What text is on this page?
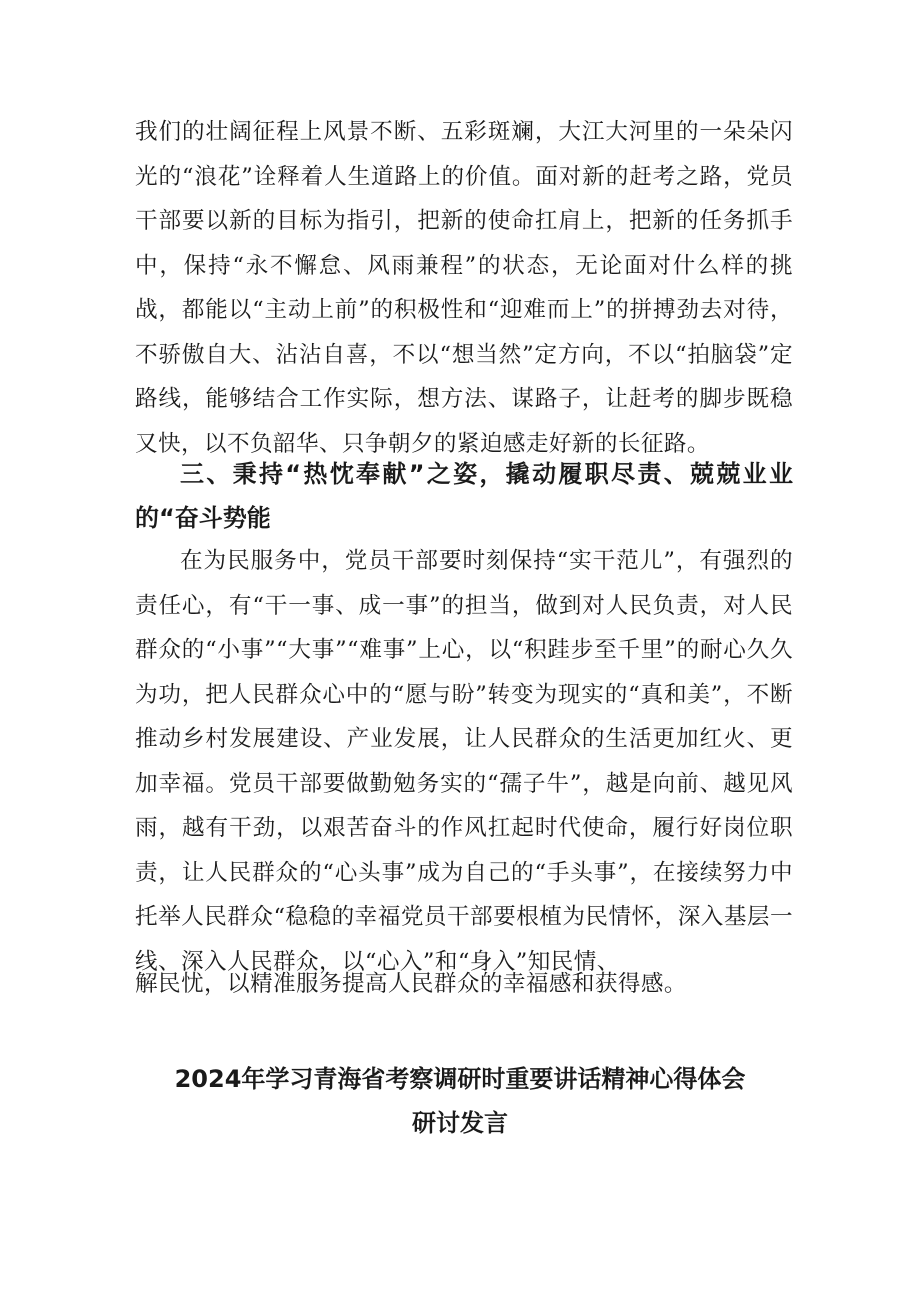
我们的壮阔征程上风景不断、五彩斑斓，大江大河里的一朵朵闪光的“浪花”诠释着人生道路上的价值。面对新的赶考之路，党员干部要以新的目标为指引，把新的使命扛肩上，把新的任务抓手中，保持“永不懈怠、风雨兼程”的状态，无论面对什么样的挑战，都能以“主动上前”的积极性和“迎难而上”的拼搏劲去对待，不骄傲自大、沾沾自喜，不以“想当然”定方向，不以“拍脑袋”定路线，能够结合工作实际，想方法、谋路子，让赶考的脚步既稳又快，以不负韶华、只争朝夕的紧迫感走好新的长征路。

三、秉持“热忱奉献”之姿，撬动履职尽责、兢兢业业的“奋斗势能

在为民服务中，党员干部要时刻保持“实干范儿”，有强烈的责任心，有“干一事、成一事”的担当，做到对人民负责，对人民群众的“小事”“大事”“难事”上心，以“积跬步至千里”的耐心久久为功，把人民群众心中的“愿与盼”转变为现实的“真和美”，不断推动乡村发展建设、产业发展，让人民群众的生活更加红火、更加幸福。党员干部要做勤勉务实的“孺子牛”，越是向前、越见风雨，越有干劲，以艰苦奋斗的作风扛起时代使命，履行好岗位职责，让人民群众的“心头事”成为自己的“手头事”，在接续努力中托举人民群众“稳稳的幸福党员干部要根植为民情怀，深入基层一线、深入人民群众，以“心入”和“身入”知民情、

解民忧，以精准服务提高人民群众的幸福感和获得感。

2024年学习青海省考察调研时重要讲话精神心得体会
研讨发言
